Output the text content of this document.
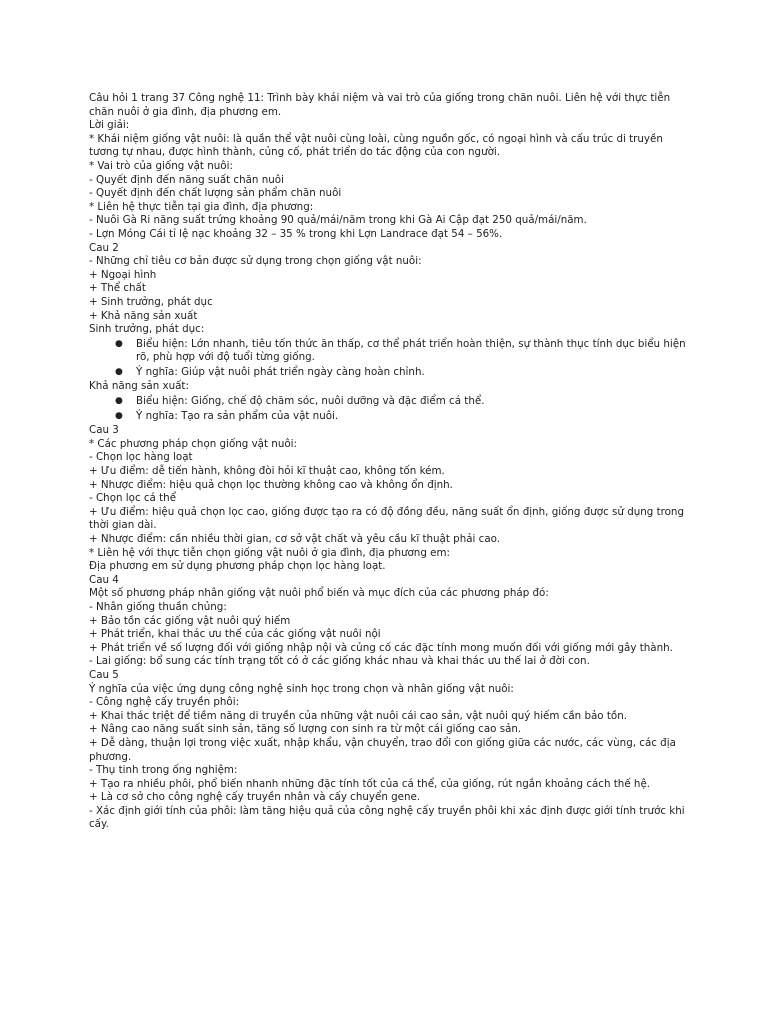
Câu hỏi 1 trang 37 Công nghệ 11: Trình bày khái niệm và vai trò của giống trong chăn nuôi. Liên hệ với thực tiễn chăn nuôi ở gia đình, địa phương em.
Lời giải:
* Khái niệm giống vật nuôi: là quần thể vật nuôi cùng loài, cùng nguồn gốc, có ngoại hình và cấu trúc di truyền tương tự nhau, được hình thành, củng cố, phát triển do tác động của con người.
* Vai trò của giống vật nuôi:
- Quyết định đến năng suất chăn nuôi
- Quyết định đến chất lượng sản phẩm chăn nuôi
* Liên hệ thực tiễn tại gia đình, địa phương:
- Nuôi Gà Ri năng suất trứng khoảng 90 quả/mái/năm trong khi Gà Ai Cập đạt 250 quả/mái/năm.
- Lợn Móng Cái tỉ lệ nạc khoảng 32 – 35 % trong khi Lợn Landrace đạt 54 – 56%.
Cau 2
- Những chỉ tiêu cơ bản được sử dụng trong chọn giống vật nuôi:
+ Ngoại hình
+ Thể chất
+ Sinh trưởng, phát dục
+ Khả năng sản xuất
Sinh trưởng, phát dục:
● Biểu hiện: Lớn nhanh, tiêu tốn thức ăn thấp, cơ thể phát triển hoàn thiện, sự thành thục tính dục biểu hiện rõ, phù hợp với độ tuổi từng giống.
● Ý nghĩa: Giúp vật nuôi phát triển ngày càng hoàn chỉnh.
Khả năng sản xuất:
● Biểu hiện: Giống, chế độ chăm sóc, nuôi dưỡng và đặc điểm cá thể.
● Ý nghĩa: Tạo ra sản phẩm của vật nuôi.
Cau 3
* Các phương pháp chọn giống vật nuôi:
- Chọn lọc hàng loạt
+ Ưu điểm: dễ tiến hành, không đòi hỏi kĩ thuật cao, không tốn kém.
+ Nhược điểm: hiệu quả chọn lọc thường không cao và không ổn định.
- Chọn lọc cá thể
+ Ưu điểm: hiệu quả chọn lọc cao, giống được tạo ra có độ đồng đều, năng suất ổn định, giống được sử dụng trong thời gian dài.
+ Nhược điểm: cần nhiều thời gian, cơ sở vật chất và yêu cầu kĩ thuật phải cao.
* Liên hệ với thực tiễn chọn giống vật nuôi ở gia đình, địa phương em:
Địa phương em sử dụng phương pháp chọn lọc hàng loạt.
Cau 4
Một số phương pháp nhân giống vật nuôi phổ biến và mục đích của các phương pháp đó:
- Nhân giống thuần chủng:
+ Bảo tồn các giống vật nuôi quý hiếm
+ Phát triển, khai thác ưu thế của các giống vật nuôi nội
+ Phát triển về số lượng đối với giống nhập nội và củng cố các đặc tính mong muốn đối với giống mới gây thành.
- Lai giống: bổ sung các tính trạng tốt có ở các giống khác nhau và khai thác ưu thế lai ở đời con.
Cau 5
Ý nghĩa của việc ứng dụng công nghệ sinh học trong chọn và nhân giống vật nuôi:
- Công nghệ cấy truyền phôi:
+ Khai thác triệt để tiềm năng di truyền của những vật nuôi cái cao sản, vật nuôi quý hiếm cần bảo tồn.
+ Nâng cao năng suất sinh sản, tăng số lượng con sinh ra từ một cái giống cao sản.
+ Dễ dàng, thuận lợi trong việc xuất, nhập khẩu, vận chuyển, trao đổi con giống giữa các nước, các vùng, các địa phương.
- Thụ tinh trong ống nghiệm:
+ Tạo ra nhiều phôi, phổ biến nhanh những đặc tính tốt của cá thể, của giống, rút ngắn khoảng cách thế hệ.
+ Là cơ sở cho công nghệ cấy truyền nhân và cấy chuyển gene.
- Xác định giới tính của phôi: làm tăng hiệu quả của công nghệ cấy truyền phôi khi xác định được giới tính trước khi cấy.
